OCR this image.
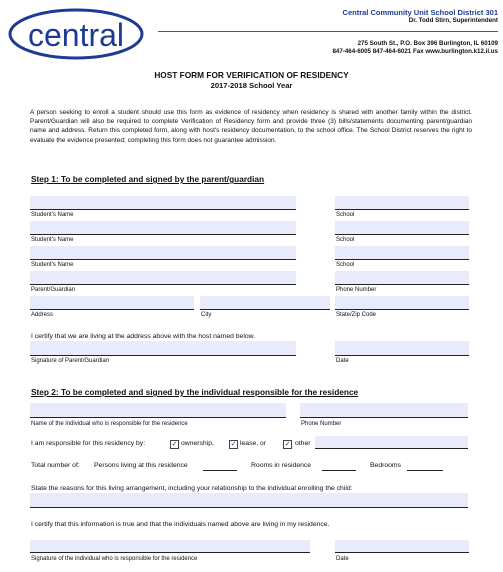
central
Central Community Unit School District 301
Dr. Todd Stirn, Superintendent
275 South St., P.O. Box 396 Burlington, IL 60109
847-464-6005 847-464-6021 Fax www.burlington.k12.il.us
HOST FORM FOR VERIFICATION OF RESIDENCY
2017-2018 School Year
A person seeking to enroll a student should use this form as evidence of residency when residency is shared with another family within the district. Parent/Guardian will also be required to complete Verification of Residency form and provide three (3) bills/statements documenting parent/guardian name and address. Return this completed form, along with host's residency documentation, to the school office. The School District reserves the right to evaluate the evidence presented; completing this form does not guarantee admission.
Step 1: To be completed and signed by the parent/guardian
Student's Name	School
Student's Name	School
Student's Name	School
Parent/Guardian	Phone Number
Address	City	State/Zip Code
I certify that we are living at the address above with the host named below.
Signature of Parent/Guardian	Date
Step 2: To be completed and signed by the individual responsible for the residence
Name of the individual who is responsible for the residence	Phone Number
I am responsible for this residency by:	✓ ownership, ✓ lease, or	✓ other
Total number of: Persons living at this residence	Rooms in residence	Bedrooms
State the reasons for this living arrangement, including your relationship to the individual enrolling the child:
I certify that this information is true and that the individuals named above are living in my residence.
Signature of the individual who is responsible for the residence	Date
